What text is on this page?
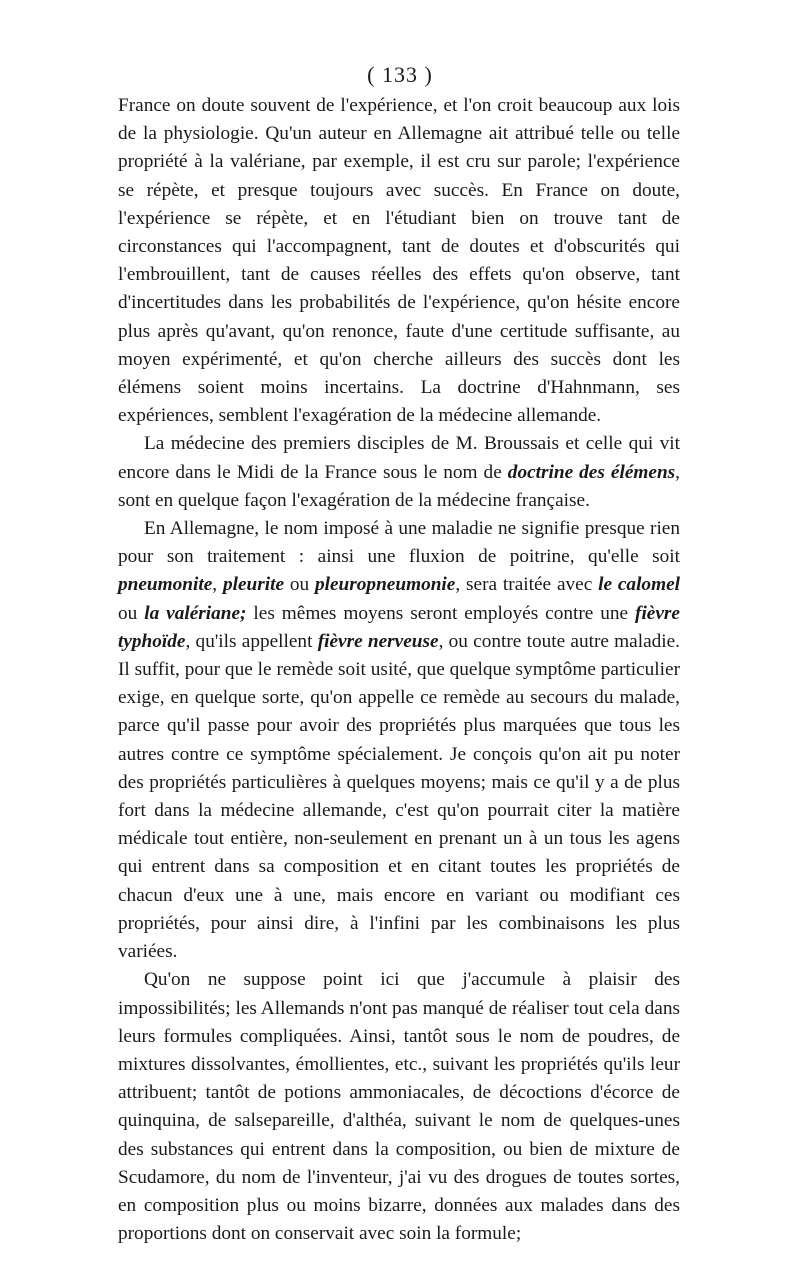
( 133 )

France on doute souvent de l'expérience, et l'on croit beaucoup aux lois de la physiologie. Qu'un auteur en Allemagne ait attribué telle ou telle propriété à la valériane, par exemple, il est cru sur parole; l'expérience se répète, et presque toujours avec succès. En France on doute, l'expérience se répète, et en l'étudiant bien on trouve tant de circonstances qui l'accompagnent, tant de doutes et d'obscurités qui l'embrouillent, tant de causes réelles des effets qu'on observe, tant d'incertitudes dans les probabilités de l'expérience, qu'on hésite encore plus après qu'avant, qu'on renonce, faute d'une certitude suffisante, au moyen expérimenté, et qu'on cherche ailleurs des succès dont les élémens soient moins incertains. La doctrine d'Hahnmann, ses expériences, semblent l'exagération de la médecine allemande.

La médecine des premiers disciples de M. Broussais et celle qui vit encore dans le Midi de la France sous le nom de doctrine des élémens, sont en quelque façon l'exagération de la médecine française.

En Allemagne, le nom imposé à une maladie ne signifie presque rien pour son traitement : ainsi une fluxion de poitrine, qu'elle soit pneumonite, pleurite ou pleuropneumonie, sera traitée avec le calomel ou la valériane; les mêmes moyens seront employés contre une fièvre typhoïde, qu'ils appellent fièvre nerveuse, ou contre toute autre maladie. Il suffit, pour que le remède soit usité, que quelque symptôme particulier exige, en quelque sorte, qu'on appelle ce remède au secours du malade, parce qu'il passe pour avoir des propriétés plus marquées que tous les autres contre ce symptôme spécialement. Je conçois qu'on ait pu noter des propriétés particulières à quelques moyens; mais ce qu'il y a de plus fort dans la médecine allemande, c'est qu'on pourrait citer la matière médicale tout entière, non-seulement en prenant un à un tous les agens qui entrent dans sa composition et en citant toutes les propriétés de chacun d'eux une à une, mais encore en variant ou modifiant ces propriétés, pour ainsi dire, à l'infini par les combinaisons les plus variées.

Qu'on ne suppose point ici que j'accumule à plaisir des impossibilités; les Allemands n'ont pas manqué de réaliser tout cela dans leurs formules compliquées. Ainsi, tantôt sous le nom de poudres, de mixtures dissolvantes, émollientes, etc., suivant les propriétés qu'ils leur attribuent; tantôt de potions ammoniacales, de décoctions d'écorce de quinquina, de salsepareille, d'althéa, suivant le nom de quelques-unes des substances qui entrent dans la composition, ou bien de mixture de Scudamore, du nom de l'inventeur, j'ai vu des drogues de toutes sortes, en composition plus ou moins bizarre, données aux malades dans des proportions dont on conservait avec soin la formule;
